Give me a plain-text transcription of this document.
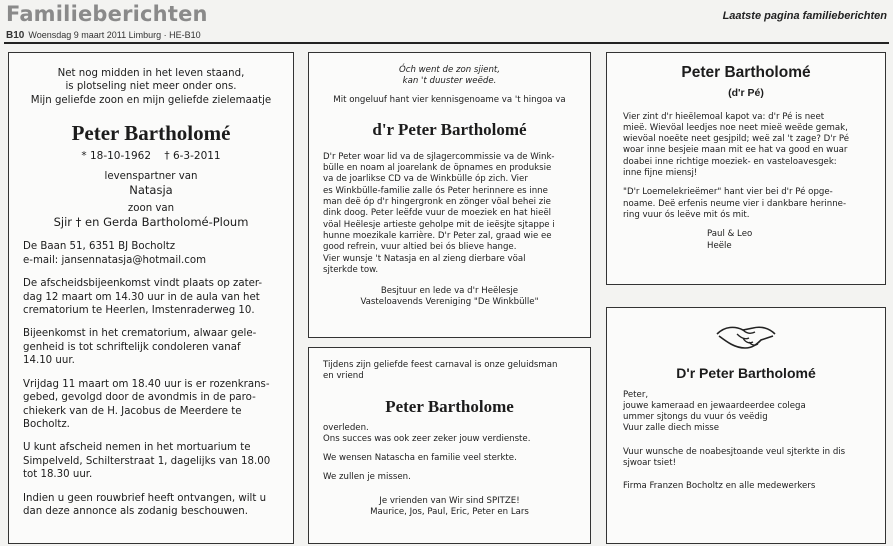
Familieberichten	Laatste pagina familieberichten
B10 Woensdag 9 maart 2011 Limburg · HE-B10
Net nog midden in het leven staand,
is plotseling niet meer onder ons.
Mijn geliefde zoon en mijn geliefde zielemaatje
Peter Bartholomé
* 18-10-1962 † 6-3-2011
levenspartner van
Natasja
zoon van
Sjir † en Gerda Bartholomé-Ploum
De Baan 51, 6351 BJ Bocholtz
e-mail: jansennatasja@hotmail.com
De afscheidsbijeenkomst vindt plaats op zater-
dag 12 maart om 14.30 uur in de aula van het
crematorium te Heerlen, Imstenraderweg 10.
Bijeenkomst in het crematorium, alwaar gele-
genheid is tot schriftelijk condoleren vanaf
14.10 uur.
Vrijdag 11 maart om 18.40 uur is er rozenkrans-
gebed, gevolgd door de avondmis in de paro-
chiekerk van de H. Jacobus de Meerdere te
Bocholtz.
U kunt afscheid nemen in het mortuarium te
Simpelveld, Schilterstraat 1, dagelijks van 18.00
tot 18.30 uur.
Indien u geen rouwbrief heeft ontvangen, wilt u
dan deze annonce als zodanig beschouwen.
Óch went de zon sjient,
kan 't duuster weëde.
Mit ongeluuf hant vier kennisgenoame va 't hingoa va
d'r Peter Bartholomé
D'r Peter woar lid va de sjlagercommissie va de Wink-
bülle en noam al joarelank de öpnames en produksie
va de joarlikse CD va de Winkbülle óp zich. Vier
es Winkbülle-familie zalle ós Peter herinnere es inne
man deë óp d'r hingergronk en zönger vöal behei zie
dink doog. Peter leëfde vuur de moeziek en hat hieël
vöal Heëlesje artieste geholpe mit de ieësjte sjtappe i
hunne moezikale karrière. D'r Peter zal, graad wie ee
good refrein, vuur altied bei ós blieve hange.
Vier wunsje 't Natasja en al zieng dierbare vöal
sjterkde tow.
Besjtuur en lede va d'r Heëlesje
Vasteloavends Vereniging "De Winkbülle"
Tijdens zijn geliefde feest carnaval is onze geluidsman
en vriend
Peter Bartholome
overleden.
Ons succes was ook zeer zeker jouw verdienste.
We wensen Natascha en familie veel sterkte.
We zullen je missen.
Je vrienden van Wir sind SPITZE!
Maurice, Jos, Paul, Eric, Peter en Lars
Peter Bartholomé
(d'r Pé)
Vier zint d'r hieëlemoal kapot va: d'r Pé is neet
mieë. Wievöal leedjes noe neet mieë weëde gemak,
wievöal noeëte neet gesjpild; weë zal 't zage? D'r Pé
woar inne besjeie maan mit ee hat va good en wuar
doabei inne richtige moeziek- en vasteloavesgek:
inne fijne miensj!
"D'r Loemelekrieëmer" hant vier bei d'r Pé opge-
noame. Deë erfenis neume vier i dankbare herinne-
ring vuur ós leëve mit ós mit.
Paul & Leo
Heële
D'r Peter Bartholomé
Peter,
jouwe kameraad en jewaardeerdee colega
ummer sjtongs du vuur ós veëdig
Vuur zalle diech misse
Vuur wunsche de noabesjtoande veul sjterkte in dis
sjwoar tsiet!
Firma Franzen Bocholtz en alle medewerkers
